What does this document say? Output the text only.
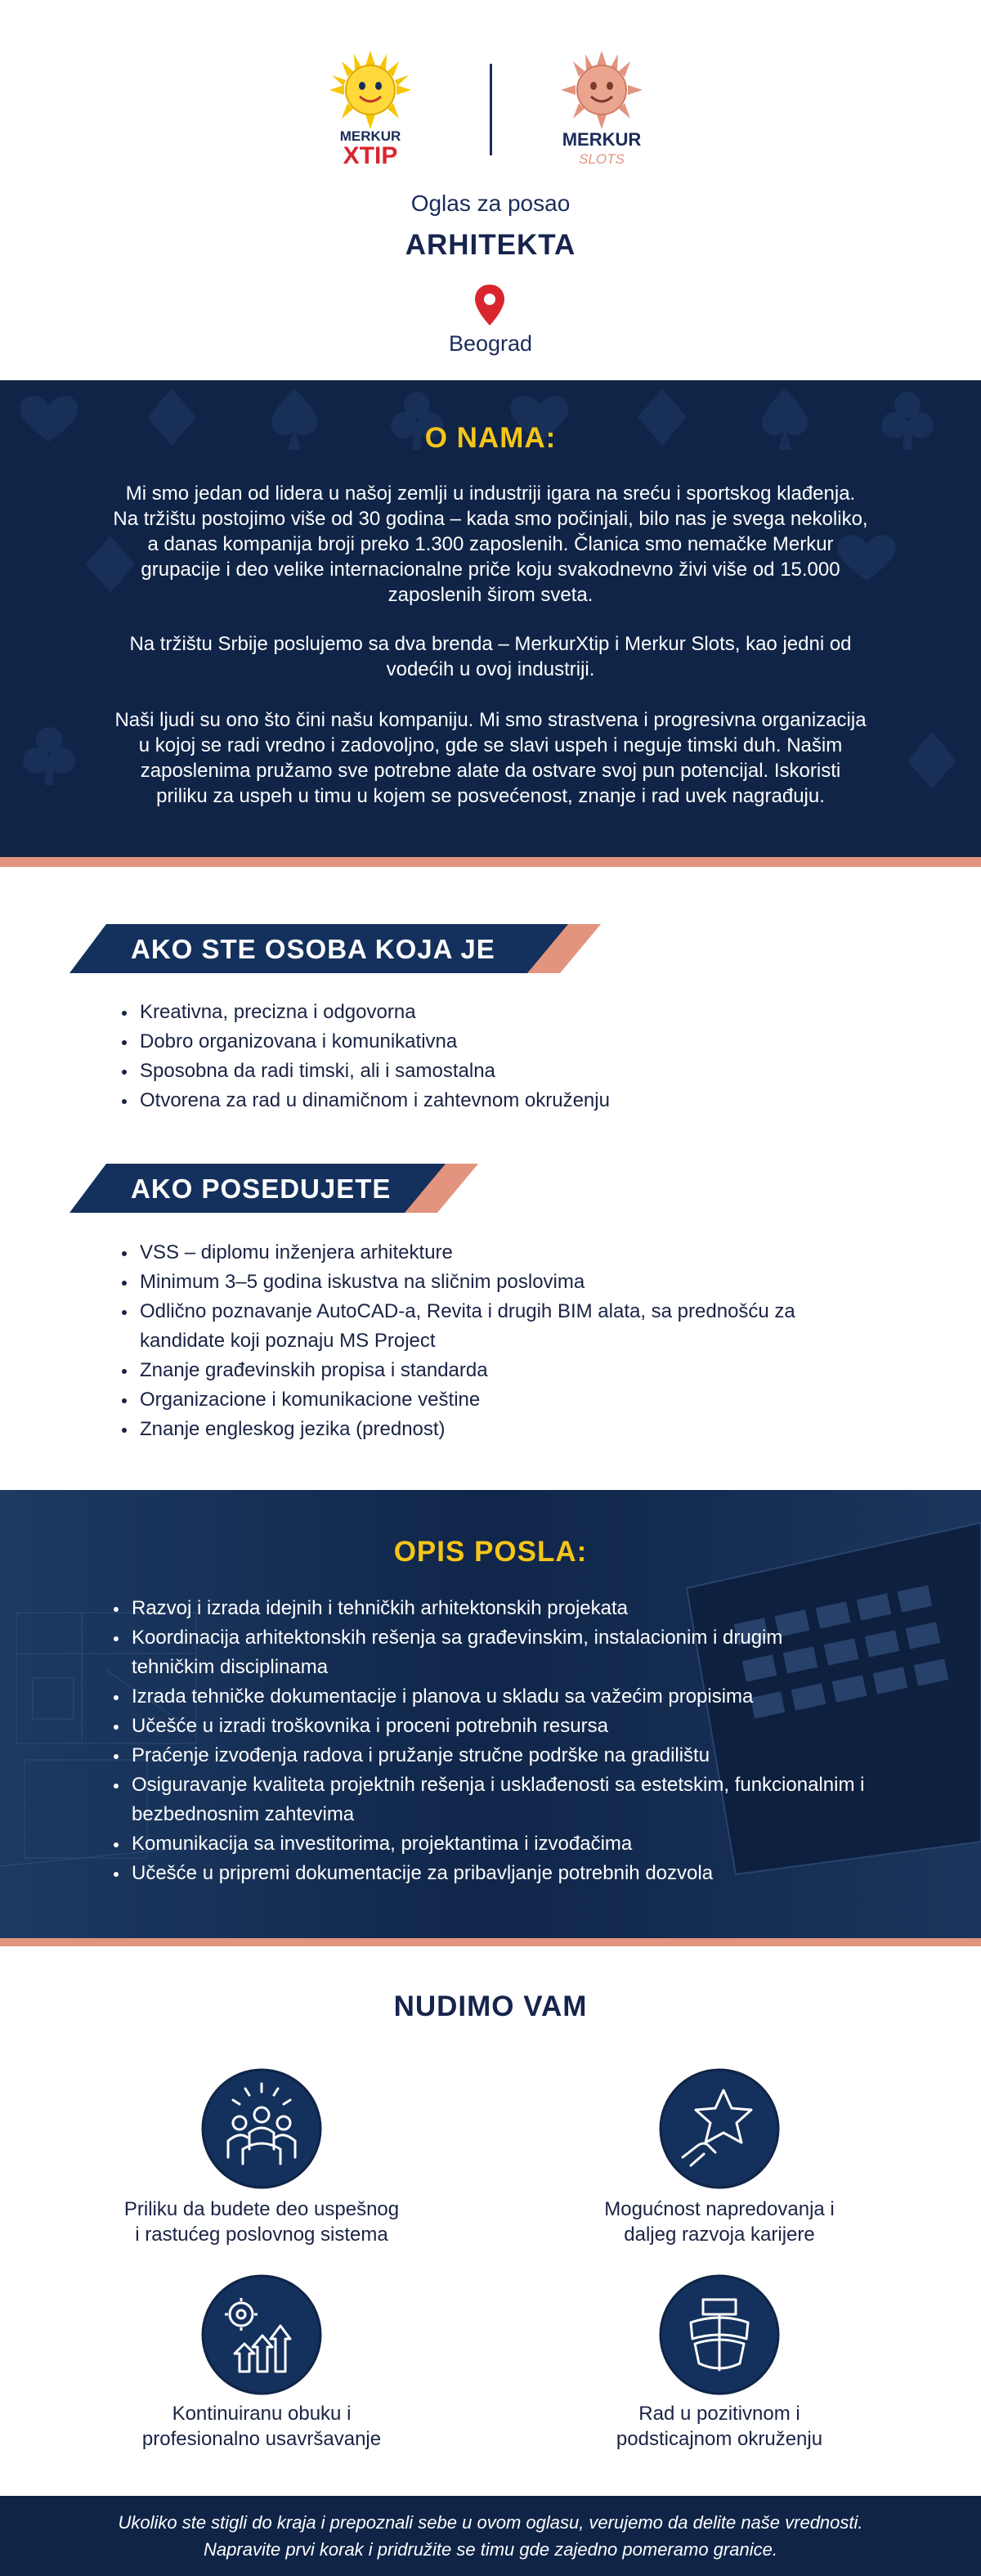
MERKUR
XTIP
MERKUR
SLOTS
Oglas za posao
ARHITEKTA
Beograd
O NAMA:
Mi smo jedan od lidera u našoj zemlji u industriji igara na sreću i sportskog klađenja.
Na tržištu postojimo više od 30 godina – kada smo počinjali, bilo nas je svega nekoliko,
a danas kompanija broji preko 1.300 zaposlenih. Članica smo nemačke Merkur
grupacije i deo velike internacionalne priče koju svakodnevno živi više od 15.000
zaposlenih širom sveta.
Na tržištu Srbije poslujemo sa dva brenda – MerkurXtip i Merkur Slots, kao jedni od
vodećih u ovoj industriji.
Naši ljudi su ono što čini našu kompaniju. Mi smo strastvena i progresivna organizacija
u kojoj se radi vredno i zadovoljno, gde se slavi uspeh i neguje timski duh. Našim
zaposlenima pružamo sve potrebne alate da ostvare svoj pun potencijal. Iskoristi
priliku za uspeh u timu u kojem se posvećenost, znanje i rad uvek nagrađuju.
AKO STE OSOBA KOJA JE
Kreativna, precizna i odgovorna
Dobro organizovana i komunikativna
Sposobna da radi timski, ali i samostalna
Otvorena za rad u dinamičnom i zahtevnom okruženju
AKO POSEDUJETE
VSS – diplomu inženjera arhitekture
Minimum 3–5 godina iskustva na sličnim poslovima
Odlično poznavanje AutoCAD-a, Revita i drugih BIM alata, sa prednošću za kandidate koji poznaju MS Project
Znanje građevinskih propisa i standarda
Organizacione i komunikacione veštine
Znanje engleskog jezika (prednost)
OPIS POSLA:
Razvoj i izrada idejnih i tehničkih arhitektonskih projekata
Koordinacija arhitektonskih rešenja sa građevinskim, instalacionim i drugim tehničkim disciplinama
Izrada tehničke dokumentacije i planova u skladu sa važećim propisima
Učešće u izradi troškovnika i proceni potrebnih resursa
Praćenje izvođenja radova i pružanje stručne podrške na gradilištu
Osiguravanje kvaliteta projektnih rešenja i usklađenosti sa estetskim, funkcionalnim i bezbednosnim zahtevima
Komunikacija sa investitorima, projektantima i izvođačima
Učešće u pripremi dokumentacije za pribavljanje potrebnih dozvola
NUDIMO VAM
Priliku da budete deo uspešnog
i rastućeg poslovnog sistema
Mogućnost napredovanja i
daljeg razvoja karijere
Kontinuiranu obuku i
profesionalno usavršavanje
Rad u pozitivnom i
podsticajnom okruženju
Ukoliko ste stigli do kraja i prepoznali sebe u ovom oglasu, verujemo da delite naše vrednosti.
Napravite prvi korak i pridružite se timu gde zajedno pomeramo granice.
